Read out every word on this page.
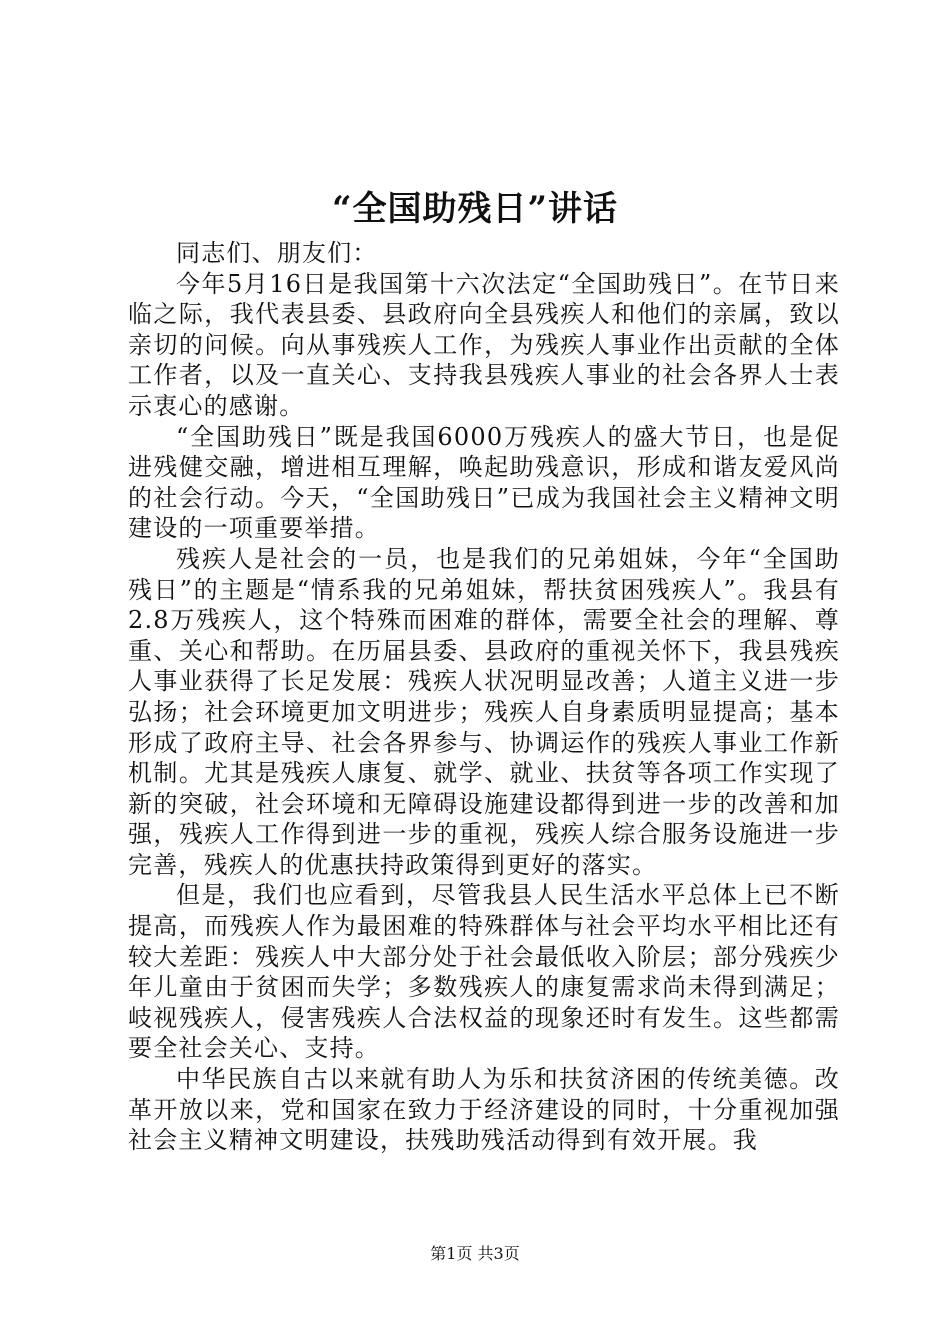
“全国助残日”讲话

同志们、朋友们：

今年5月16日是我国第十六次法定“全国助残日”。在节日来临之际，我代表县委、县政府向全县残疾人和他们的亲属，致以亲切的问候。向从事残疾人工作，为残疾人事业作出贡献的全体工作者，以及一直关心、支持我县残疾人事业的社会各界人士表示衷心的感谢。

“全国助残日”既是我国6000万残疾人的盛大节日，也是促进残健交融，增进相互理解，唤起助残意识，形成和谐友爱风尚的社会行动。今天，“全国助残日”已成为我国社会主义精神文明建设的一项重要举措。

残疾人是社会的一员，也是我们的兄弟姐妹，今年“全国助残日”的主题是“情系我的兄弟姐妹，帮扶贫困残疾人”。我县有2.8万残疾人，这个特殊而困难的群体，需要全社会的理解、尊重、关心和帮助。在历届县委、县政府的重视关怀下，我县残疾人事业获得了长足发展：残疾人状况明显改善；人道主义进一步弘扬；社会环境更加文明进步；残疾人自身素质明显提高；基本形成了政府主导、社会各界参与、协调运作的残疾人事业工作新机制。尤其是残疾人康复、就学、就业、扶贫等各项工作实现了新的突破，社会环境和无障碍设施建设都得到进一步的改善和加强，残疾人工作得到进一步的重视，残疾人综合服务设施进一步完善，残疾人的优惠扶持政策得到更好的落实。

但是，我们也应看到，尽管我县人民生活水平总体上已不断提高，而残疾人作为最困难的特殊群体与社会平均水平相比还有较大差距：残疾人中大部分处于社会最低收入阶层；部分残疾少年儿童由于贫困而失学；多数残疾人的康复需求尚未得到满足；岐视残疾人，侵害残疾人合法权益的现象还时有发生。这些都需要全社会关心、支持。

中华民族自古以来就有助人为乐和扶贫济困的传统美德。改革开放以来，党和国家在致力于经济建设的同时，十分重视加强社会主义精神文明建设，扶残助残活动得到有效开展。我

第1页 共3页
